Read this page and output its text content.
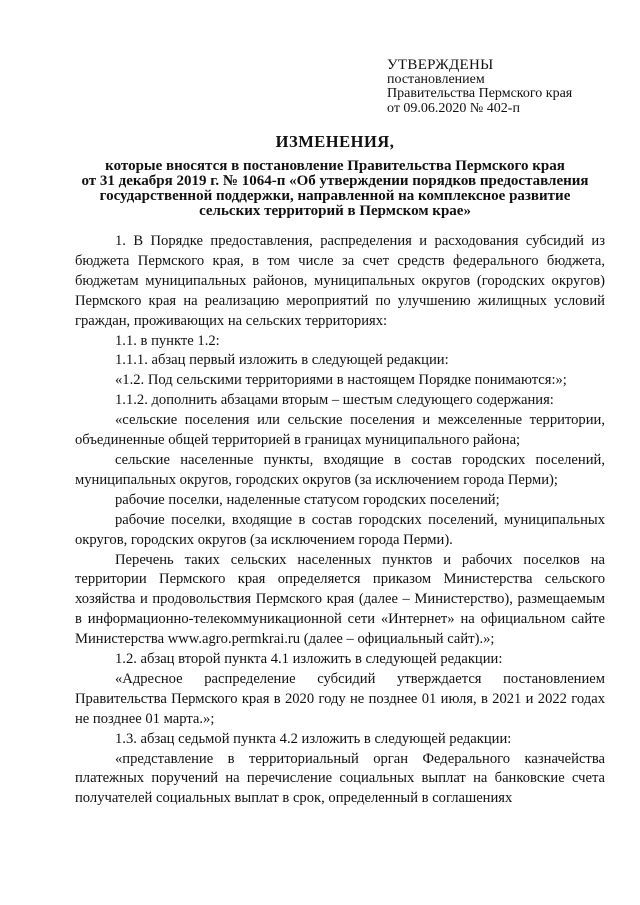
УТВЕРЖДЕНЫ
постановлением
Правительства Пермского края
от 09.06.2020 № 402-п
ИЗМЕНЕНИЯ,
которые вносятся в постановление Правительства Пермского края
от 31 декабря 2019 г. № 1064-п «Об утверждении порядков предоставления
государственной поддержки, направленной на комплексное развитие
сельских территорий в Пермском крае»

1. В Порядке предоставления, распределения и расходования субсидий из бюджета Пермского края, в том числе за счет средств федерального бюджета, бюджетам муниципальных районов, муниципальных округов (городских округов) Пермского края на реализацию мероприятий по улучшению жилищных условий граждан, проживающих на сельских территориях:

1.1. в пункте 1.2:

1.1.1. абзац первый изложить в следующей редакции:

«1.2. Под сельскими территориями в настоящем Порядке понимаются:»;

1.1.2. дополнить абзацами вторым – шестым следующего содержания:

«сельские поселения или сельские поселения и межселенные территории, объединенные общей территорией в границах муниципального района;

сельские населенные пункты, входящие в состав городских поселений, муниципальных округов, городских округов (за исключением города Перми);

рабочие поселки, наделенные статусом городских поселений;

рабочие поселки, входящие в состав городских поселений, муниципальных округов, городских округов (за исключением города Перми).

Перечень таких сельских населенных пунктов и рабочих поселков на территории Пермского края определяется приказом Министерства сельского хозяйства и продовольствия Пермского края (далее – Министерство), размещаемым в информационно-телекоммуникационной сети «Интернет» на официальном сайте Министерства www.agro.permkrai.ru (далее – официальный сайт).»;

1.2. абзац второй пункта 4.1 изложить в следующей редакции:

«Адресное распределение субсидий утверждается постановлением Правительства Пермского края в 2020 году не позднее 01 июля, в 2021 и 2022 годах не позднее 01 марта.»;

1.3. абзац седьмой пункта 4.2 изложить в следующей редакции:

«представление в территориальный орган Федерального казначейства платежных поручений на перечисление социальных выплат на банковские счета получателей социальных выплат в срок, определенный в соглашениях
